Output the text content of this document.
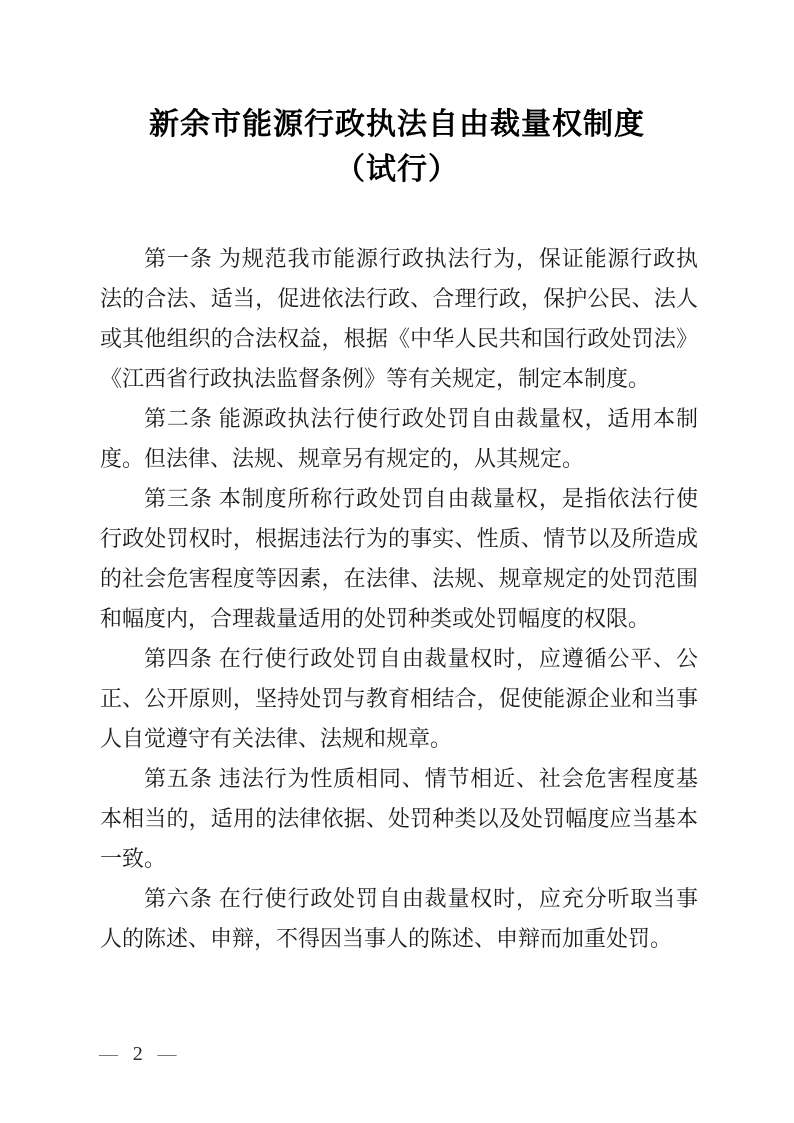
新余市能源行政执法自由裁量权制度
（试行）

第一条 为规范我市能源行政执法行为，保证能源行政执法的合法、适当，促进依法行政、合理行政，保护公民、法人或其他组织的合法权益，根据《中华人民共和国行政处罚法》《江西省行政执法监督条例》等有关规定，制定本制度。

第二条 能源政执法行使行政处罚自由裁量权，适用本制度。但法律、法规、规章另有规定的，从其规定。

第三条 本制度所称行政处罚自由裁量权，是指依法行使行政处罚权时，根据违法行为的事实、性质、情节以及所造成的社会危害程度等因素，在法律、法规、规章规定的处罚范围和幅度内，合理裁量适用的处罚种类或处罚幅度的权限。

第四条 在行使行政处罚自由裁量权时，应遵循公平、公正、公开原则，坚持处罚与教育相结合，促使能源企业和当事人自觉遵守有关法律、法规和规章。

第五条 违法行为性质相同、情节相近、社会危害程度基本相当的，适用的法律依据、处罚种类以及处罚幅度应当基本一致。

第六条 在行使行政处罚自由裁量权时，应充分听取当事人的陈述、申辩，不得因当事人的陈述、申辩而加重处罚。

— 2 —
